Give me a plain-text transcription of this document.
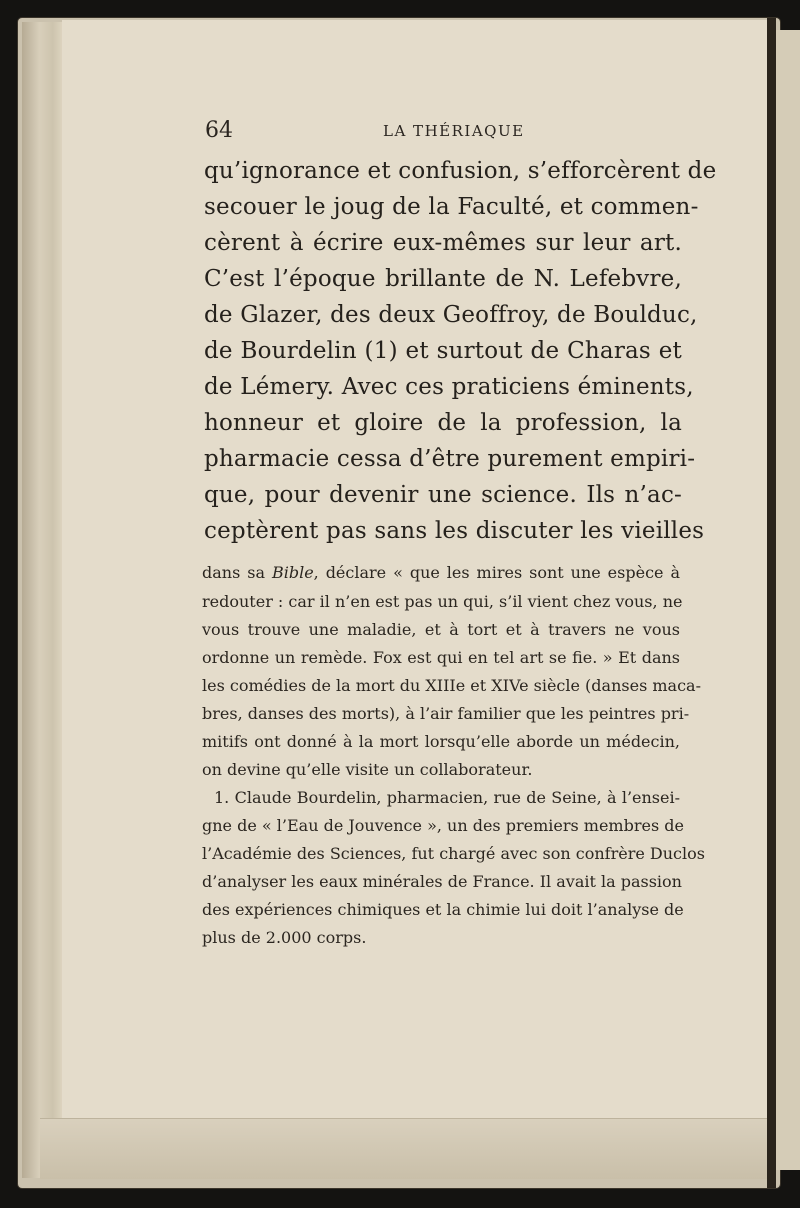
64	LA THÉRIAQUE
qu’ignorance et confusion, s’efforcèrent de
secouer le joug de la Faculté, et commen-
cèrent à écrire eux-mêmes sur leur art.
C’est l’époque brillante de N. Lefebvre,
de Glazer, des deux Geoffroy, de Boulduc,
de Bourdelin (1) et surtout de Charas et
de Lémery. Avec ces praticiens éminents,
honneur et gloire de la profession, la
pharmacie cessa d’être purement empiri-
que, pour devenir une science. Ils n’ac-
ceptèrent pas sans les discuter les vieilles
dans sa Bible, déclare « que les mires sont une espèce à
redouter : car il n’en est pas un qui, s’il vient chez vous, ne
vous trouve une maladie, et à tort et à travers ne vous
ordonne un remède. Fox est qui en tel art se fie. » Et dans
les comédies de la mort du XIIIe et XIVe siècle (danses maca-
bres, danses des morts), à l’air familier que les peintres pri-
mitifs ont donné à la mort lorsqu’elle aborde un médecin,
on devine qu’elle visite un collaborateur.
1. Claude Bourdelin, pharmacien, rue de Seine, à l’ensei-
gne de « l’Eau de Jouvence », un des premiers membres de
l’Académie des Sciences, fut chargé avec son confrère Duclos
d’analyser les eaux minérales de France. Il avait la passion
des expériences chimiques et la chimie lui doit l’analyse de
plus de 2.000 corps.
